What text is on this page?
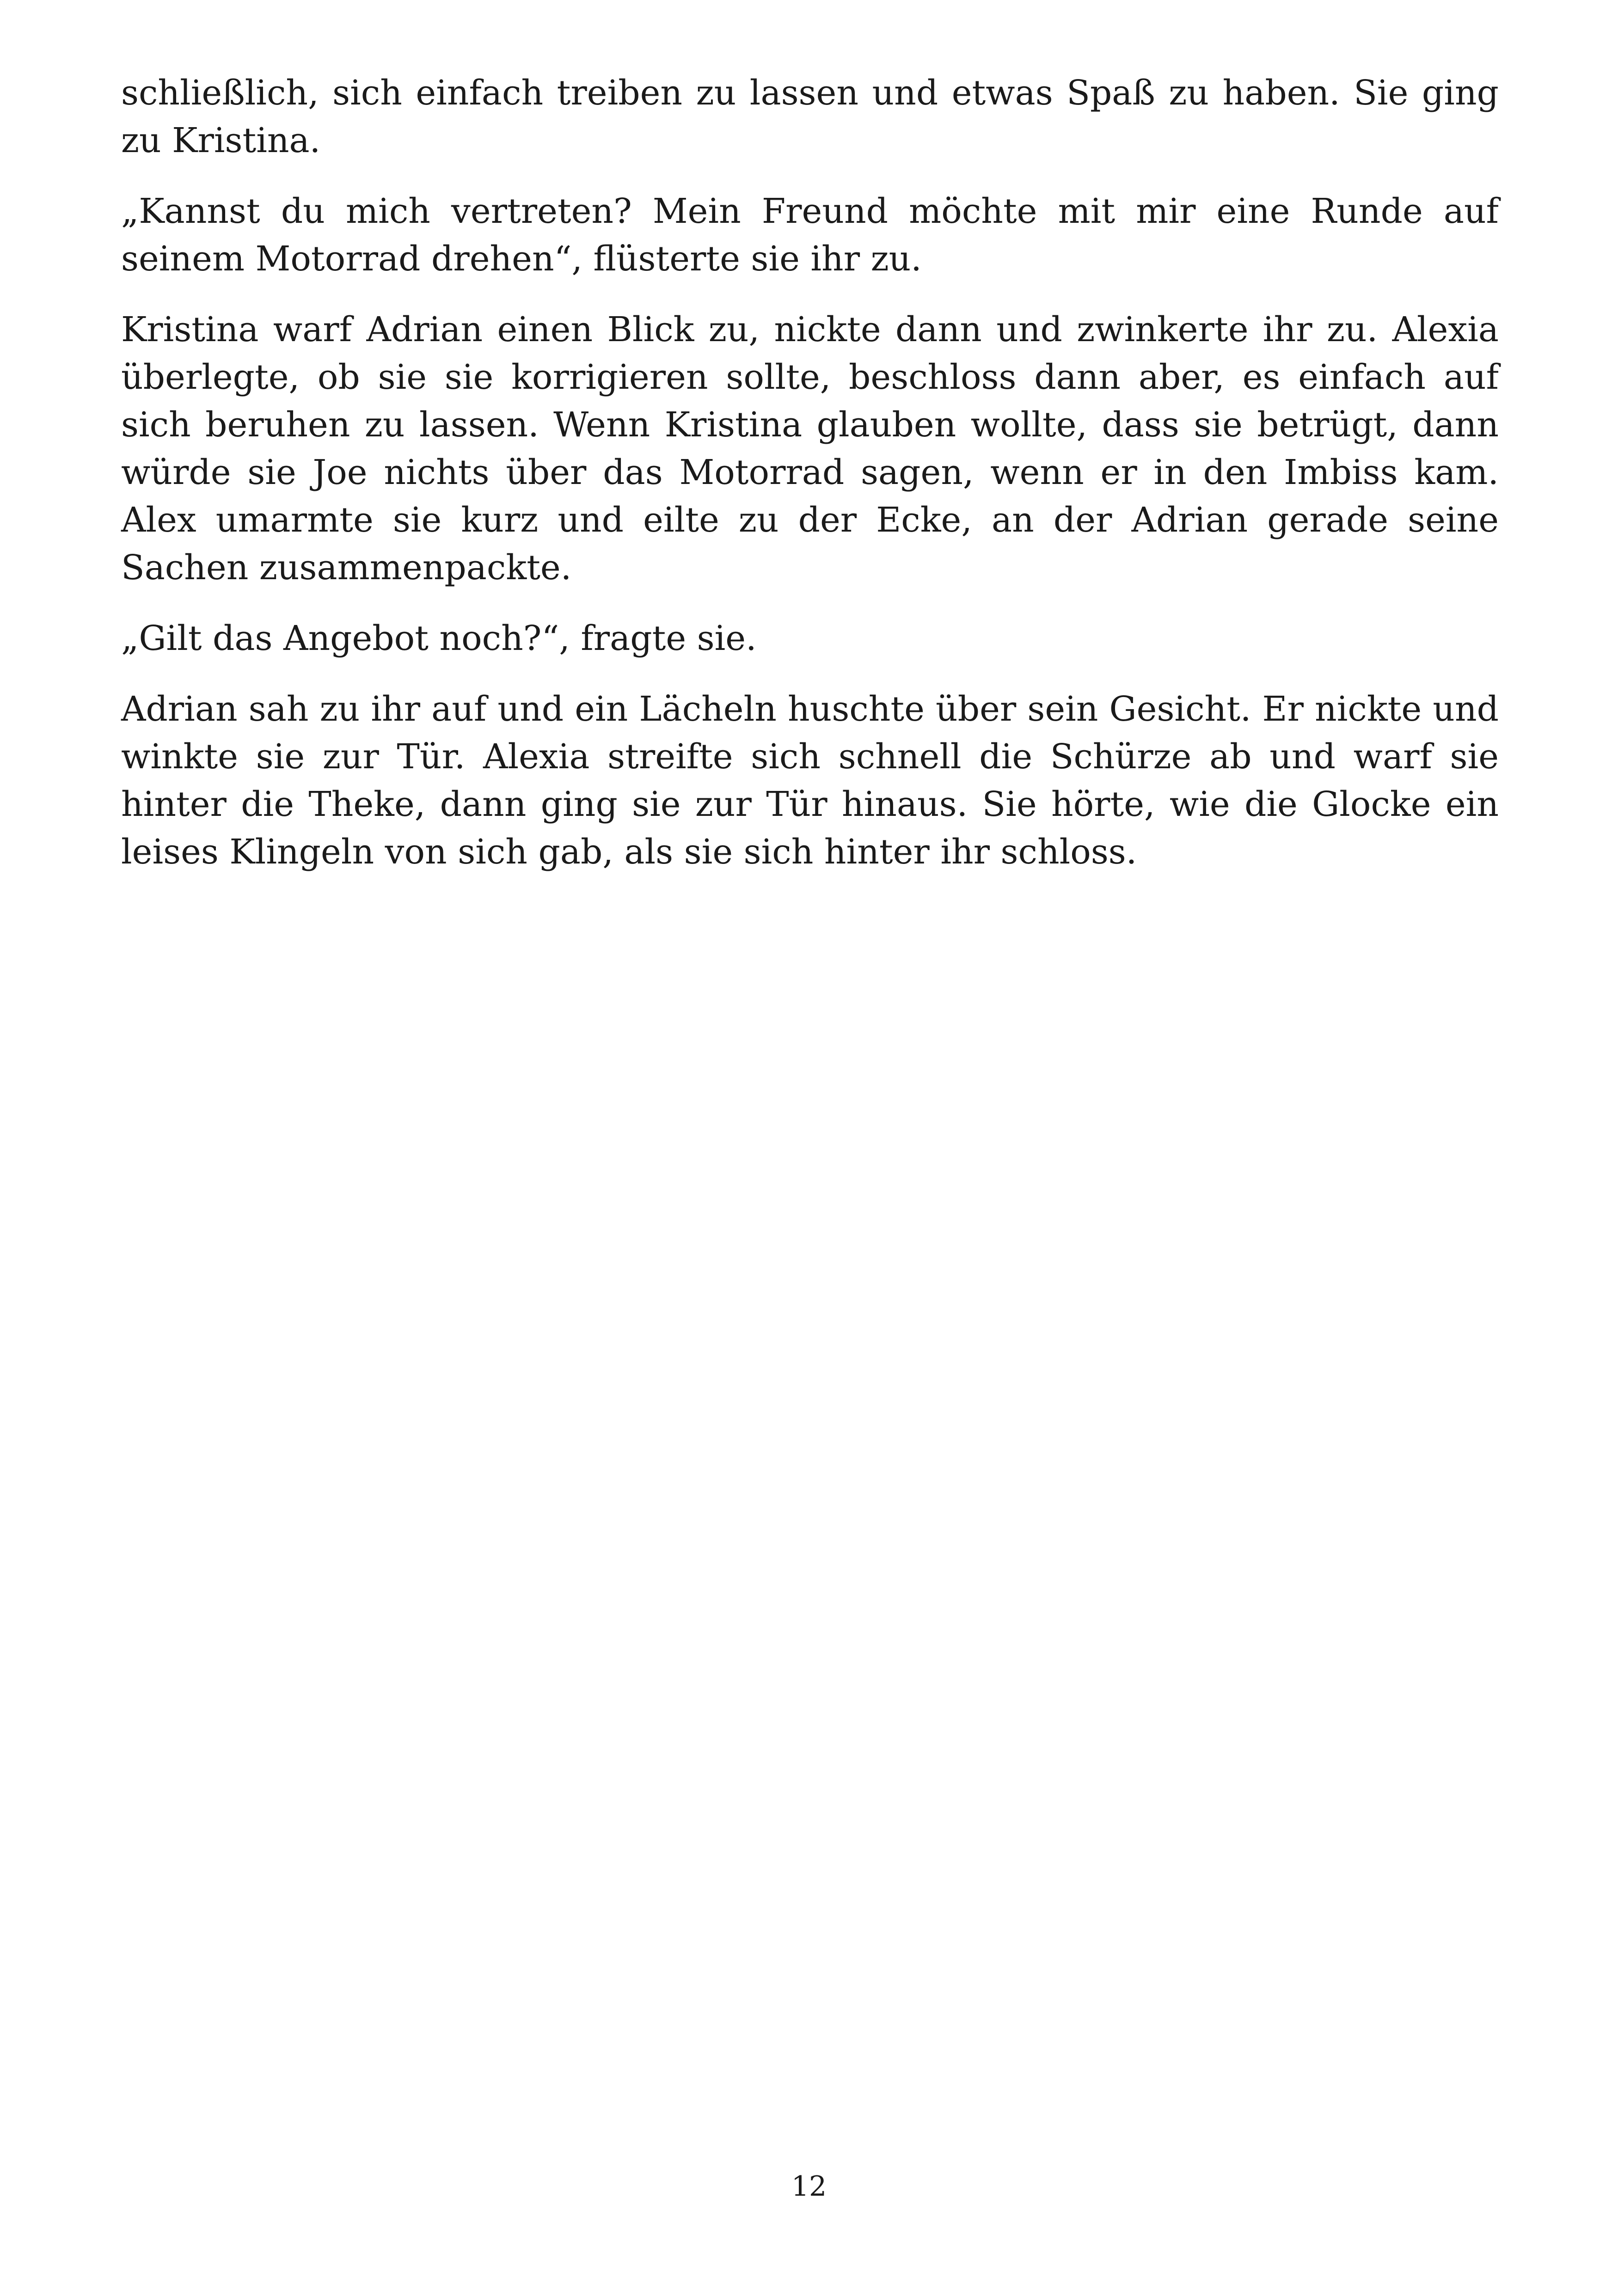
schließlich, sich einfach treiben zu lassen und etwas Spaß zu haben. Sie ging zu Kristina.

„Kannst du mich vertreten? Mein Freund möchte mit mir eine Runde auf seinem Motorrad drehen“, flüsterte sie ihr zu.

Kristina warf Adrian einen Blick zu, nickte dann und zwinkerte ihr zu. Alexia überlegte, ob sie sie korrigieren sollte, beschloss dann aber, es einfach auf sich beruhen zu lassen. Wenn Kristina glauben wollte, dass sie betrügt, dann würde sie Joe nichts über das Motorrad sagen, wenn er in den Imbiss kam. Alex umarmte sie kurz und eilte zu der Ecke, an der Adrian gerade seine Sachen zusammenpackte.

„Gilt das Angebot noch?“, fragte sie.

Adrian sah zu ihr auf und ein Lächeln huschte über sein Gesicht. Er nickte und winkte sie zur Tür. Alexia streifte sich schnell die Schürze ab und warf sie hinter die Theke, dann ging sie zur Tür hinaus. Sie hörte, wie die Glocke ein leises Klingeln von sich gab, als sie sich hinter ihr schloss.

12
